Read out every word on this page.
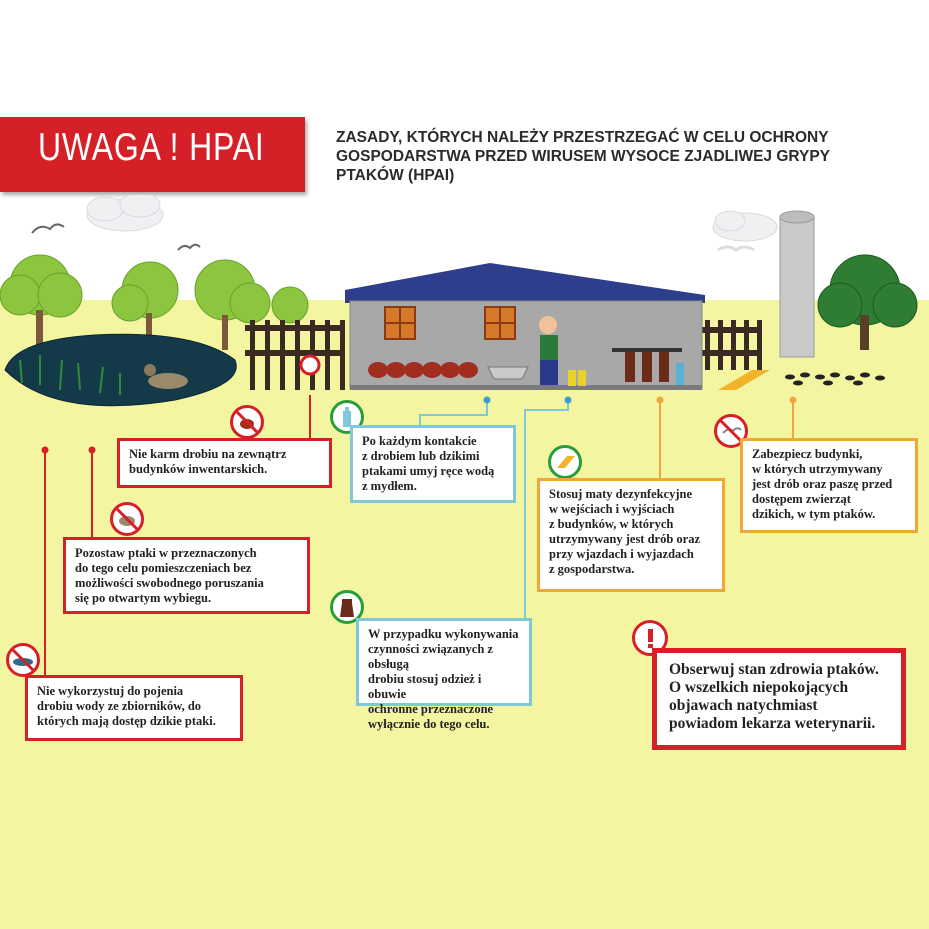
UWAGA ! HPAI	ZASADY, KTÓRYCH NALEŻY PRZESTRZEGAĆ W CELU OCHRONY
GOSPODARSTWA PRZED WIRUSEM WYSOCE ZJADLIWEJ GRYPY
PTAKÓW (HPAI)
Nie karm drobiu na zewnątrz
budynków inwentarskich.
Pozostaw ptaki w przeznaczonych
do tego celu pomieszczeniach bez
możliwości swobodnego poruszania
się po otwartym wybiegu.
Nie wykorzystuj do pojenia
drobiu wody ze zbiorników, do
których mają dostęp dzikie ptaki.
Po każdym kontakcie
z drobiem lub dzikimi
ptakami umyj ręce wodą
z mydłem.
W przypadku wykonywania
czynności związanych z obsługą
drobiu stosuj odzież i obuwie
ochronne przeznaczone
wyłącznie do tego celu.
Stosuj maty dezynfekcyjne
w wejściach i wyjściach
z budynków, w których
utrzymywany jest drób oraz
przy wjazdach i wyjazdach
z gospodarstwa.
Zabezpiecz budynki,
w których utrzymywany
jest drób oraz paszę przed
dostępem zwierząt
dzikich, w tym ptaków.
Obserwuj stan zdrowia ptaków.
O wszelkich niepokojących
objawach natychmiast
powiadom lekarza weterynarii.
